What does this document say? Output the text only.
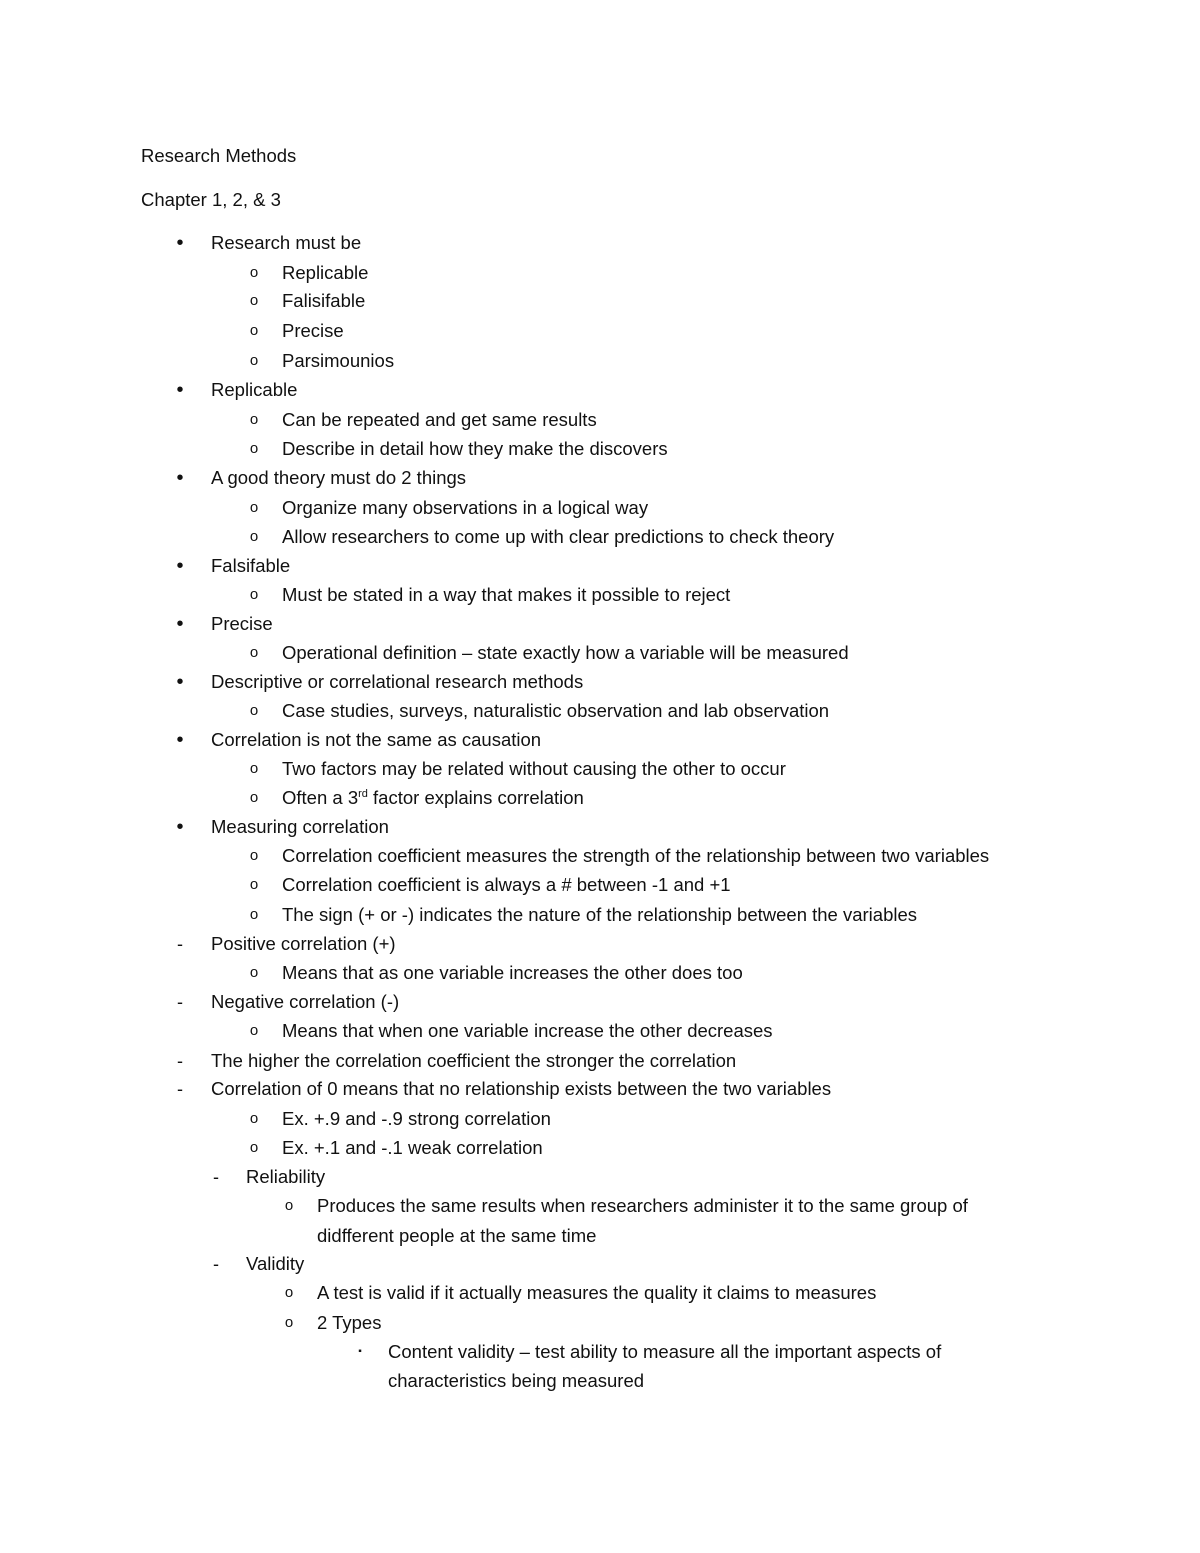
Research Methods
Chapter 1, 2, & 3
•	Research must be
o	Replicable
o	Falisifable
o	Precise
o	Parsimounios
•	Replicable
o	Can be repeated and get same results
o	Describe in detail how they make the discovers
•	A good theory must do 2 things
o	Organize many observations in a logical way
o	Allow researchers to come up with clear predictions to check theory
•	Falsifable
o	Must be stated in a way that makes it possible to reject
•	Precise
o	Operational definition – state exactly how a variable will be measured
•	Descriptive or correlational research methods
o	Case studies, surveys, naturalistic observation and lab observation
•	Correlation is not the same as causation
o	Two factors may be related without causing the other to occur
o	Often a 3rd factor explains correlation
•	Measuring correlation
o	Correlation coefficient measures the strength of the relationship between two variables
o	Correlation coefficient is always a # between -1 and +1
o	The sign (+ or -) indicates the nature of the relationship between the variables
-	Positive correlation (+)
o	Means that as one variable increases the other does too
-	Negative correlation (-)
o	Means that when one variable increase the other decreases
-	The higher the correlation coefficient the stronger the correlation
-	Correlation of 0 means that no relationship exists between the two variables
o	Ex. +.9 and -.9 strong correlation
o	Ex. +.1 and -.1 weak correlation
-	Reliability
o	Produces the same results when researchers administer it to the same group of
didfferent people at the same time
-	Validity
o	A test is valid if it actually measures the quality it claims to measures
o	2 Types
▪	Content validity – test ability to measure all the important aspects of
characteristics being measured
